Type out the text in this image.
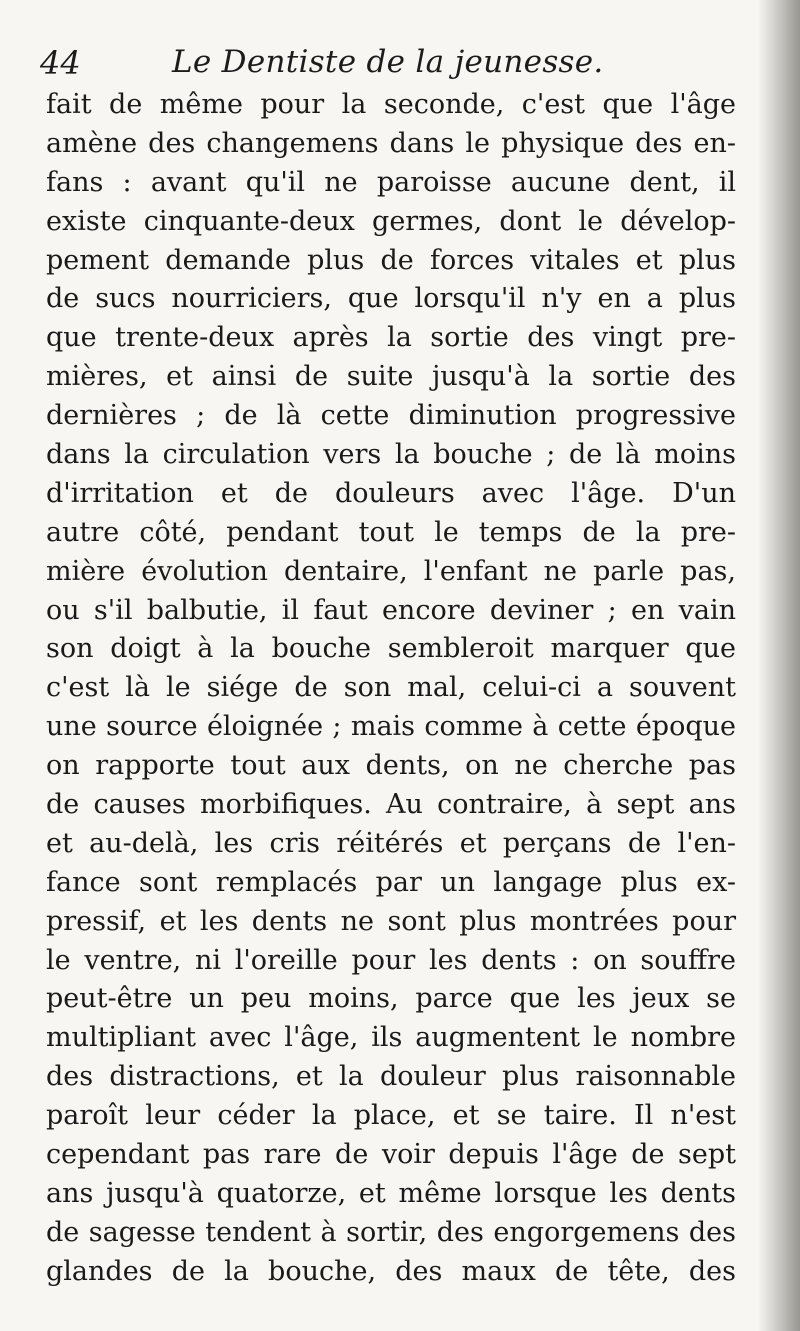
44	Le Dentiste de la jeunesse.
fait de même pour la seconde, c'est que l'âge
amène des changemens dans le physique des en-
fans : avant qu'il ne paroisse aucune dent, il
existe cinquante-deux germes, dont le dévelop-
pement demande plus de forces vitales et plus
de sucs nourriciers, que lorsqu'il n'y en a plus
que trente-deux après la sortie des vingt pre-
mières, et ainsi de suite jusqu'à la sortie des
dernières ; de là cette diminution progressive
dans la circulation vers la bouche ; de là moins
d'irritation et de douleurs avec l'âge. D'un
autre côté, pendant tout le temps de la pre-
mière évolution dentaire, l'enfant ne parle pas,
ou s'il balbutie, il faut encore deviner ; en vain
son doigt à la bouche sembleroit marquer que
c'est là le siége de son mal, celui-ci a souvent
une source éloignée ; mais comme à cette époque
on rapporte tout aux dents, on ne cherche pas
de causes morbifiques. Au contraire, à sept ans
et au-delà, les cris réitérés et perçans de l'en-
fance sont remplacés par un langage plus ex-
pressif, et les dents ne sont plus montrées pour
le ventre, ni l'oreille pour les dents : on souffre
peut-être un peu moins, parce que les jeux se
multipliant avec l'âge, ils augmentent le nombre
des distractions, et la douleur plus raisonnable
paroît leur céder la place, et se taire. Il n'est
cependant pas rare de voir depuis l'âge de sept
ans jusqu'à quatorze, et même lorsque les dents
de sagesse tendent à sortir, des engorgemens des
glandes de la bouche, des maux de tête, des
